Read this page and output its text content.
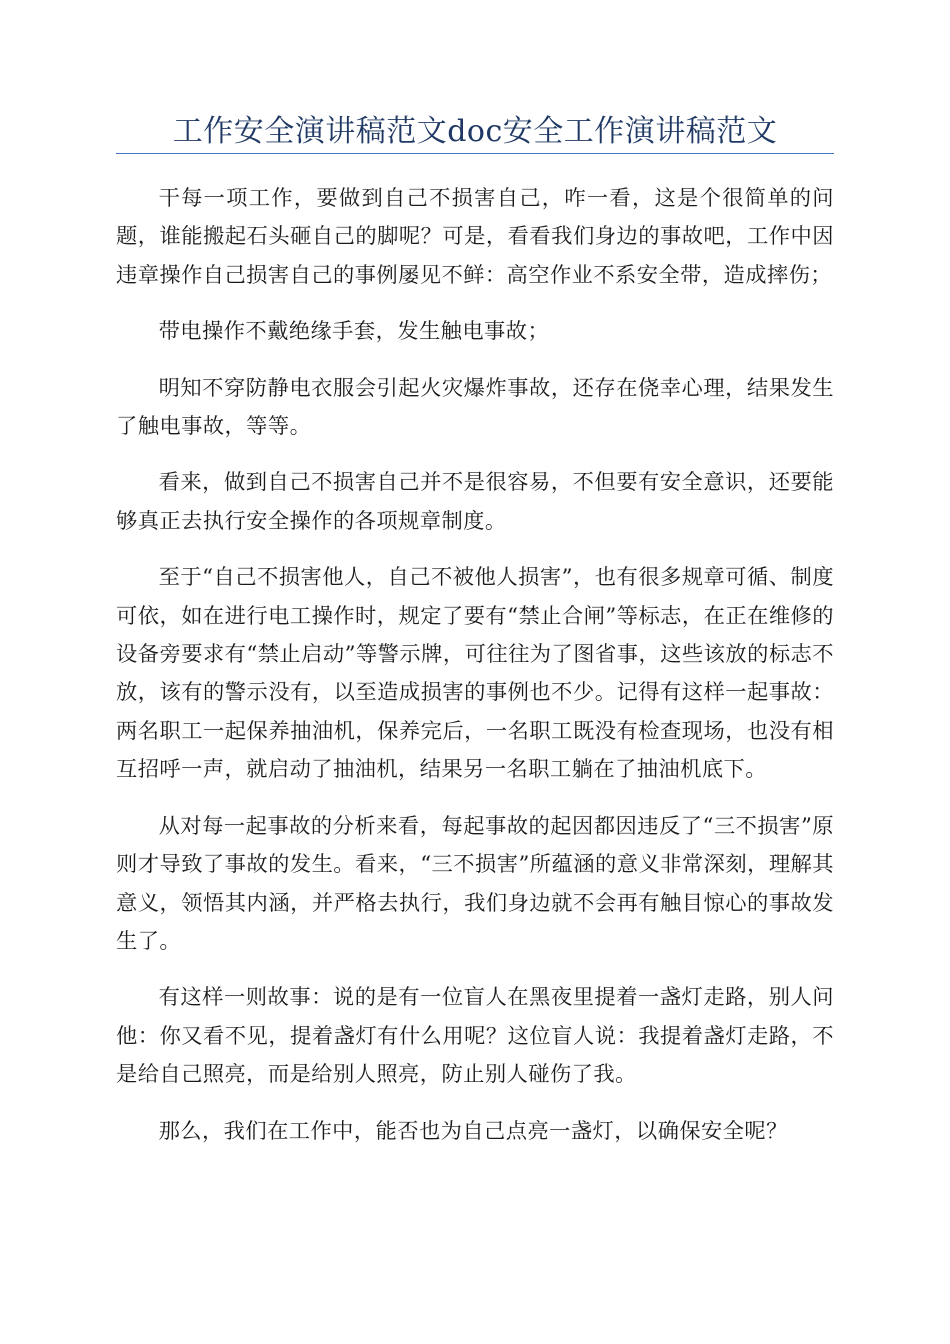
工作安全演讲稿范文doc安全工作演讲稿范文

干每一项工作，要做到自己不损害自己，咋一看，这是个很简单的问题，谁能搬起石头砸自己的脚呢？可是，看看我们身边的事故吧，工作中因违章操作自己损害自己的事例屡见不鲜：高空作业不系安全带，造成摔伤；

带电操作不戴绝缘手套，发生触电事故；

明知不穿防静电衣服会引起火灾爆炸事故，还存在侥幸心理，结果发生了触电事故，等等。

看来，做到自己不损害自己并不是很容易，不但要有安全意识，还要能够真正去执行安全操作的各项规章制度。

至于“自己不损害他人，自己不被他人损害”，也有很多规章可循、制度可依，如在进行电工操作时，规定了要有“禁止合闸”等标志，在正在维修的设备旁要求有“禁止启动”等警示牌，可往往为了图省事，这些该放的标志不放，该有的警示没有，以至造成损害的事例也不少。记得有这样一起事故：两名职工一起保养抽油机，保养完后，一名职工既没有检查现场，也没有相互招呼一声，就启动了抽油机，结果另一名职工躺在了抽油机底下。

从对每一起事故的分析来看，每起事故的起因都因违反了“三不损害”原则才导致了事故的发生。看来，“三不损害”所蕴涵的意义非常深刻，理解其意义，领悟其内涵，并严格去执行，我们身边就不会再有触目惊心的事故发生了。

有这样一则故事：说的是有一位盲人在黑夜里提着一盏灯走路，别人问他：你又看不见，提着盏灯有什么用呢？这位盲人说：我提着盏灯走路，不是给自己照亮，而是给别人照亮，防止别人碰伤了我。

那么，我们在工作中，能否也为自己点亮一盏灯，以确保安全呢？
